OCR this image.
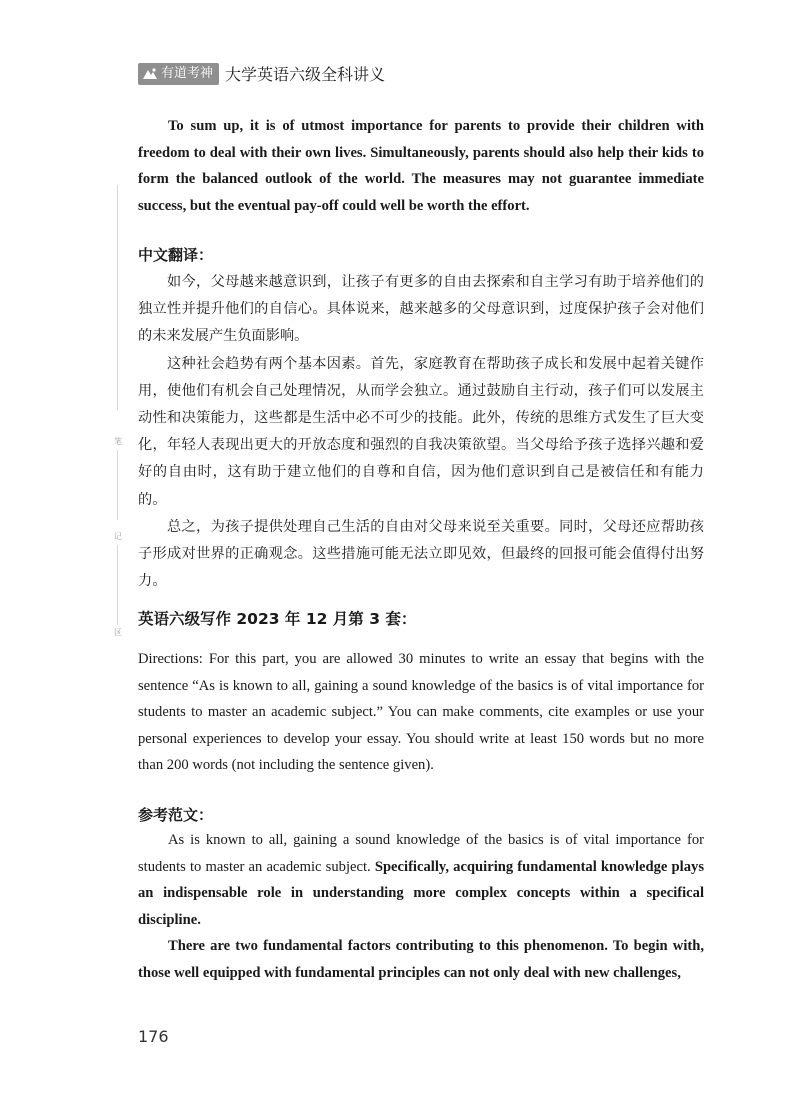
有道考神 大学英语六级全科讲义

To sum up, it is of utmost importance for parents to provide their children with freedom to deal with their own lives. Simultaneously, parents should also help their kids to form the balanced outlook of the world. The measures may not guarantee immediate success, but the eventual pay-off could well be worth the effort.

中文翻译：

如今，父母越来越意识到，让孩子有更多的自由去探索和自主学习有助于培养他们的独立性并提升他们的自信心。具体说来，越来越多的父母意识到，过度保护孩子会对他们的未来发展产生负面影响。

这种社会趋势有两个基本因素。首先，家庭教育在帮助孩子成长和发展中起着关键作用，使他们有机会自己处理情况，从而学会独立。通过鼓励自主行动，孩子们可以发展主动性和决策能力，这些都是生活中必不可少的技能。此外，传统的思维方式发生了巨大变化，年轻人表现出更大的开放态度和强烈的自我决策欲望。当父母给予孩子选择兴趣和爱好的自由时，这有助于建立他们的自尊和自信，因为他们意识到自己是被信任和有能力的。

总之，为孩子提供处理自己生活的自由对父母来说至关重要。同时，父母还应帮助孩子形成对世界的正确观念。这些措施可能无法立即见效，但最终的回报可能会值得付出努力。

英语六级写作 2023 年 12 月第 3 套：

Directions: For this part, you are allowed 30 minutes to write an essay that begins with the sentence “As is known to all, gaining a sound knowledge of the basics is of vital importance for students to master an academic subject.” You can make comments, cite examples or use your personal experiences to develop your essay. You should write at least 150 words but no more than 200 words (not including the sentence given).

参考范文：

As is known to all, gaining a sound knowledge of the basics is of vital importance for students to master an academic subject. Specifically, acquiring fundamental knowledge plays an indispensable role in understanding more complex concepts within a specifical discipline.

There are two fundamental factors contributing to this phenomenon. To begin with, those well equipped with fundamental principles can not only deal with new challenges,

笔
记
区
176
